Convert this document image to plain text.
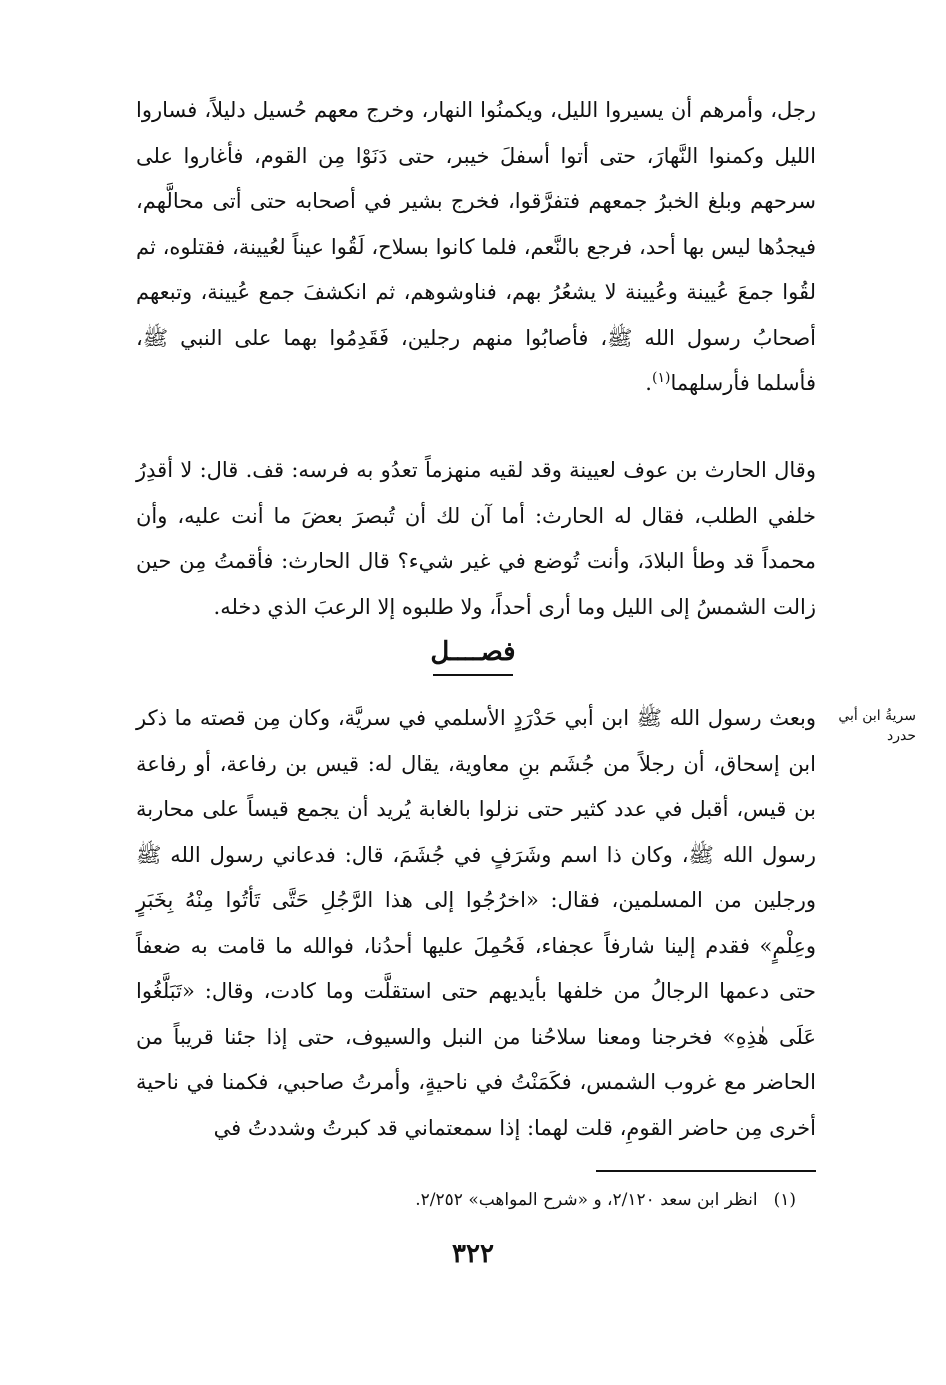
رجل، وأمرهم أن يسيروا الليل، ويكمنُوا النهار، وخرج معهم حُسيل دليلاً، فساروا الليل وكمنوا النَّهارَ، حتى أتوا أسفلَ خيبر، حتى دَنَوْا مِن القوم، فأغاروا على سرحهم وبلغ الخبرُ جمعهم فتفرَّقوا، فخرج بشير في أصحابه حتى أتى محالَّهم، فيجدُها ليس بها أحد، فرجع بالنَّعم، فلما كانوا بسلاح، لَقُوا عيناً لعُيينة، فقتلوه، ثم لقُوا جمعَ عُيينة وعُيينة لا يشعُرُ بهم، فناوشوهم، ثم انكشفَ جمع عُيينة، وتبعهم أصحابُ رسول الله ﷺ، فأصابُوا منهم رجلين، فَقَدِمُوا بهما على النبي ﷺ، فأسلما فأرسلهما$^{(١)}$.

وقال الحارث بن عوف لعيينة وقد لقيه منهزماً تعدُو به فرسه: قف. قال: لا أقدِرُ خلفي الطلب، فقال له الحارث: أما آن لك أن تُبصرَ بعضَ ما أنت عليه، وأن محمداً قد وطأ البلادَ، وأنت تُوضع في غير شيء؟ قال الحارث: فأقمتُ مِن حين زالت الشمسُ إلى الليل وما أرى أحداً، ولا طلبوه إلا الرعبَ الذي دخله.

فصــــل
سريةُ ابن أبي حدرد

وبعث رسول الله ﷺ ابن أبي حَدْرَدٍ الأسلمي في سريَّة، وكان مِن قصته ما ذكر ابن إسحاق، أن رجلاً من جُشَم بنِ معاوية، يقال له: قيس بن رفاعة، أو رفاعة بن قيس، أقبل في عدد كثير حتى نزلوا بالغابة يُريد أن يجمع قيساً على محاربة رسول الله ﷺ، وكان ذا اسم وشَرَفٍ في جُشَمَ، قال: فدعاني رسول الله ﷺ ورجلين من المسلمين، فقال: «اخرُجُوا إلى هذا الرَّجُلِ حَتَّى تَأتُوا مِنْهُ بِخَبَرٍ وعِلْمٍ» فقدم إلينا شارفاً عجفاء، فَحُمِلَ عليها أحدُنا، فوالله ما قامت به ضعفاً حتى دعمها الرجالُ من خلفها بأيديهم حتى استقلَّت وما كادت، وقال: «تَبَلَّغُوا عَلَى هٰذِهِ» فخرجنا ومعنا سلاحُنا من النبل والسيوف، حتى إذا جئنا قريباً من الحاضر مع غروب الشمس، فكَمَنْتُ في ناحيةٍ، وأمرتُ صاحبي، فكمنا في ناحية أخرى مِن حاضر القومِ، قلت لهما: إذا سمعتماني قد كبرتُ وشددتُ في

(١)انظر ابن سعد ٢/١٢٠، و «شرح المواهب» ٢/٢٥٢.
٣٢٢
